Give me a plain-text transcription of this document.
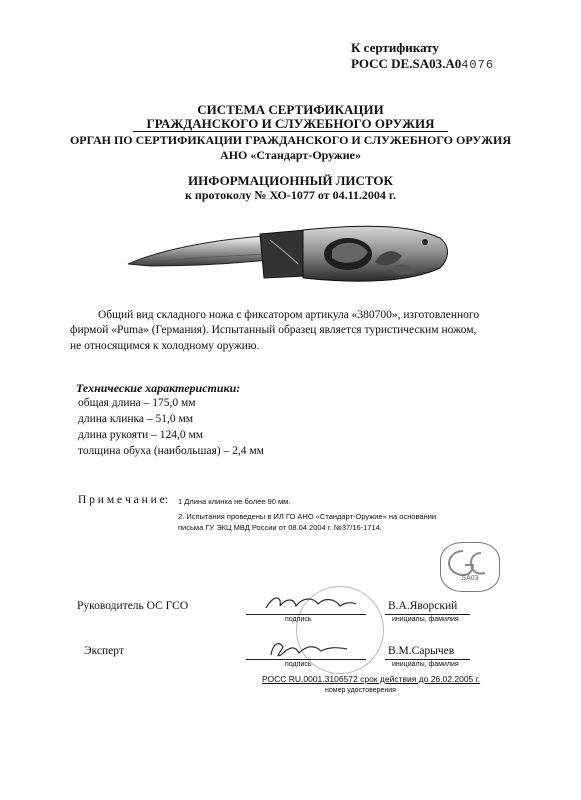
К сертификату
РОСС DE.SA03.A04076
СИСТЕМА СЕРТИФИКАЦИИ
ГРАЖДАНСКОГО И СЛУЖЕБНОГО ОРУЖИЯ
ОРГАН ПО СЕРТИФИКАЦИИ ГРАЖДАНСКОГО И СЛУЖЕБНОГО ОРУЖИЯ
АНО «Стандарт-Оружие»
ИНФОРМАЦИОННЫЙ ЛИСТОК
к протоколу № ХО-1077 от 04.11.2004 г.
Общий вид складного ножа с фиксатором артикула «380700», изготовленного
фирмой «Puma» (Германия). Испытанный образец является туристическим ножом,
не относящимся к холодному оружию.
Технические характеристики:
общая длина – 175,0 мм
длина клинка – 51,0 мм
длина рукояти – 124,0 мм
толщина обуха (наибольшая) – 2,4 мм
П р и м е ч а н и е: 1 Длина клинка не более 90 мм.
2. Испытания проведены в ИЛ ГО АНО «Стандарт-Оружие» на основании
письма ГУ ЭКЦ МВД России от 08.04.2004 г. №37/16-1714.
SA03
Руководитель ОС ГСО	В.А.Яворский
подпись	инициалы, фамилия
Эксперт	В.М.Сарычев
подпись	инициалы, фамилия
РОСС RU.0001.3106572 срок действия до 26.02.2005 г.
номер удостоверения
